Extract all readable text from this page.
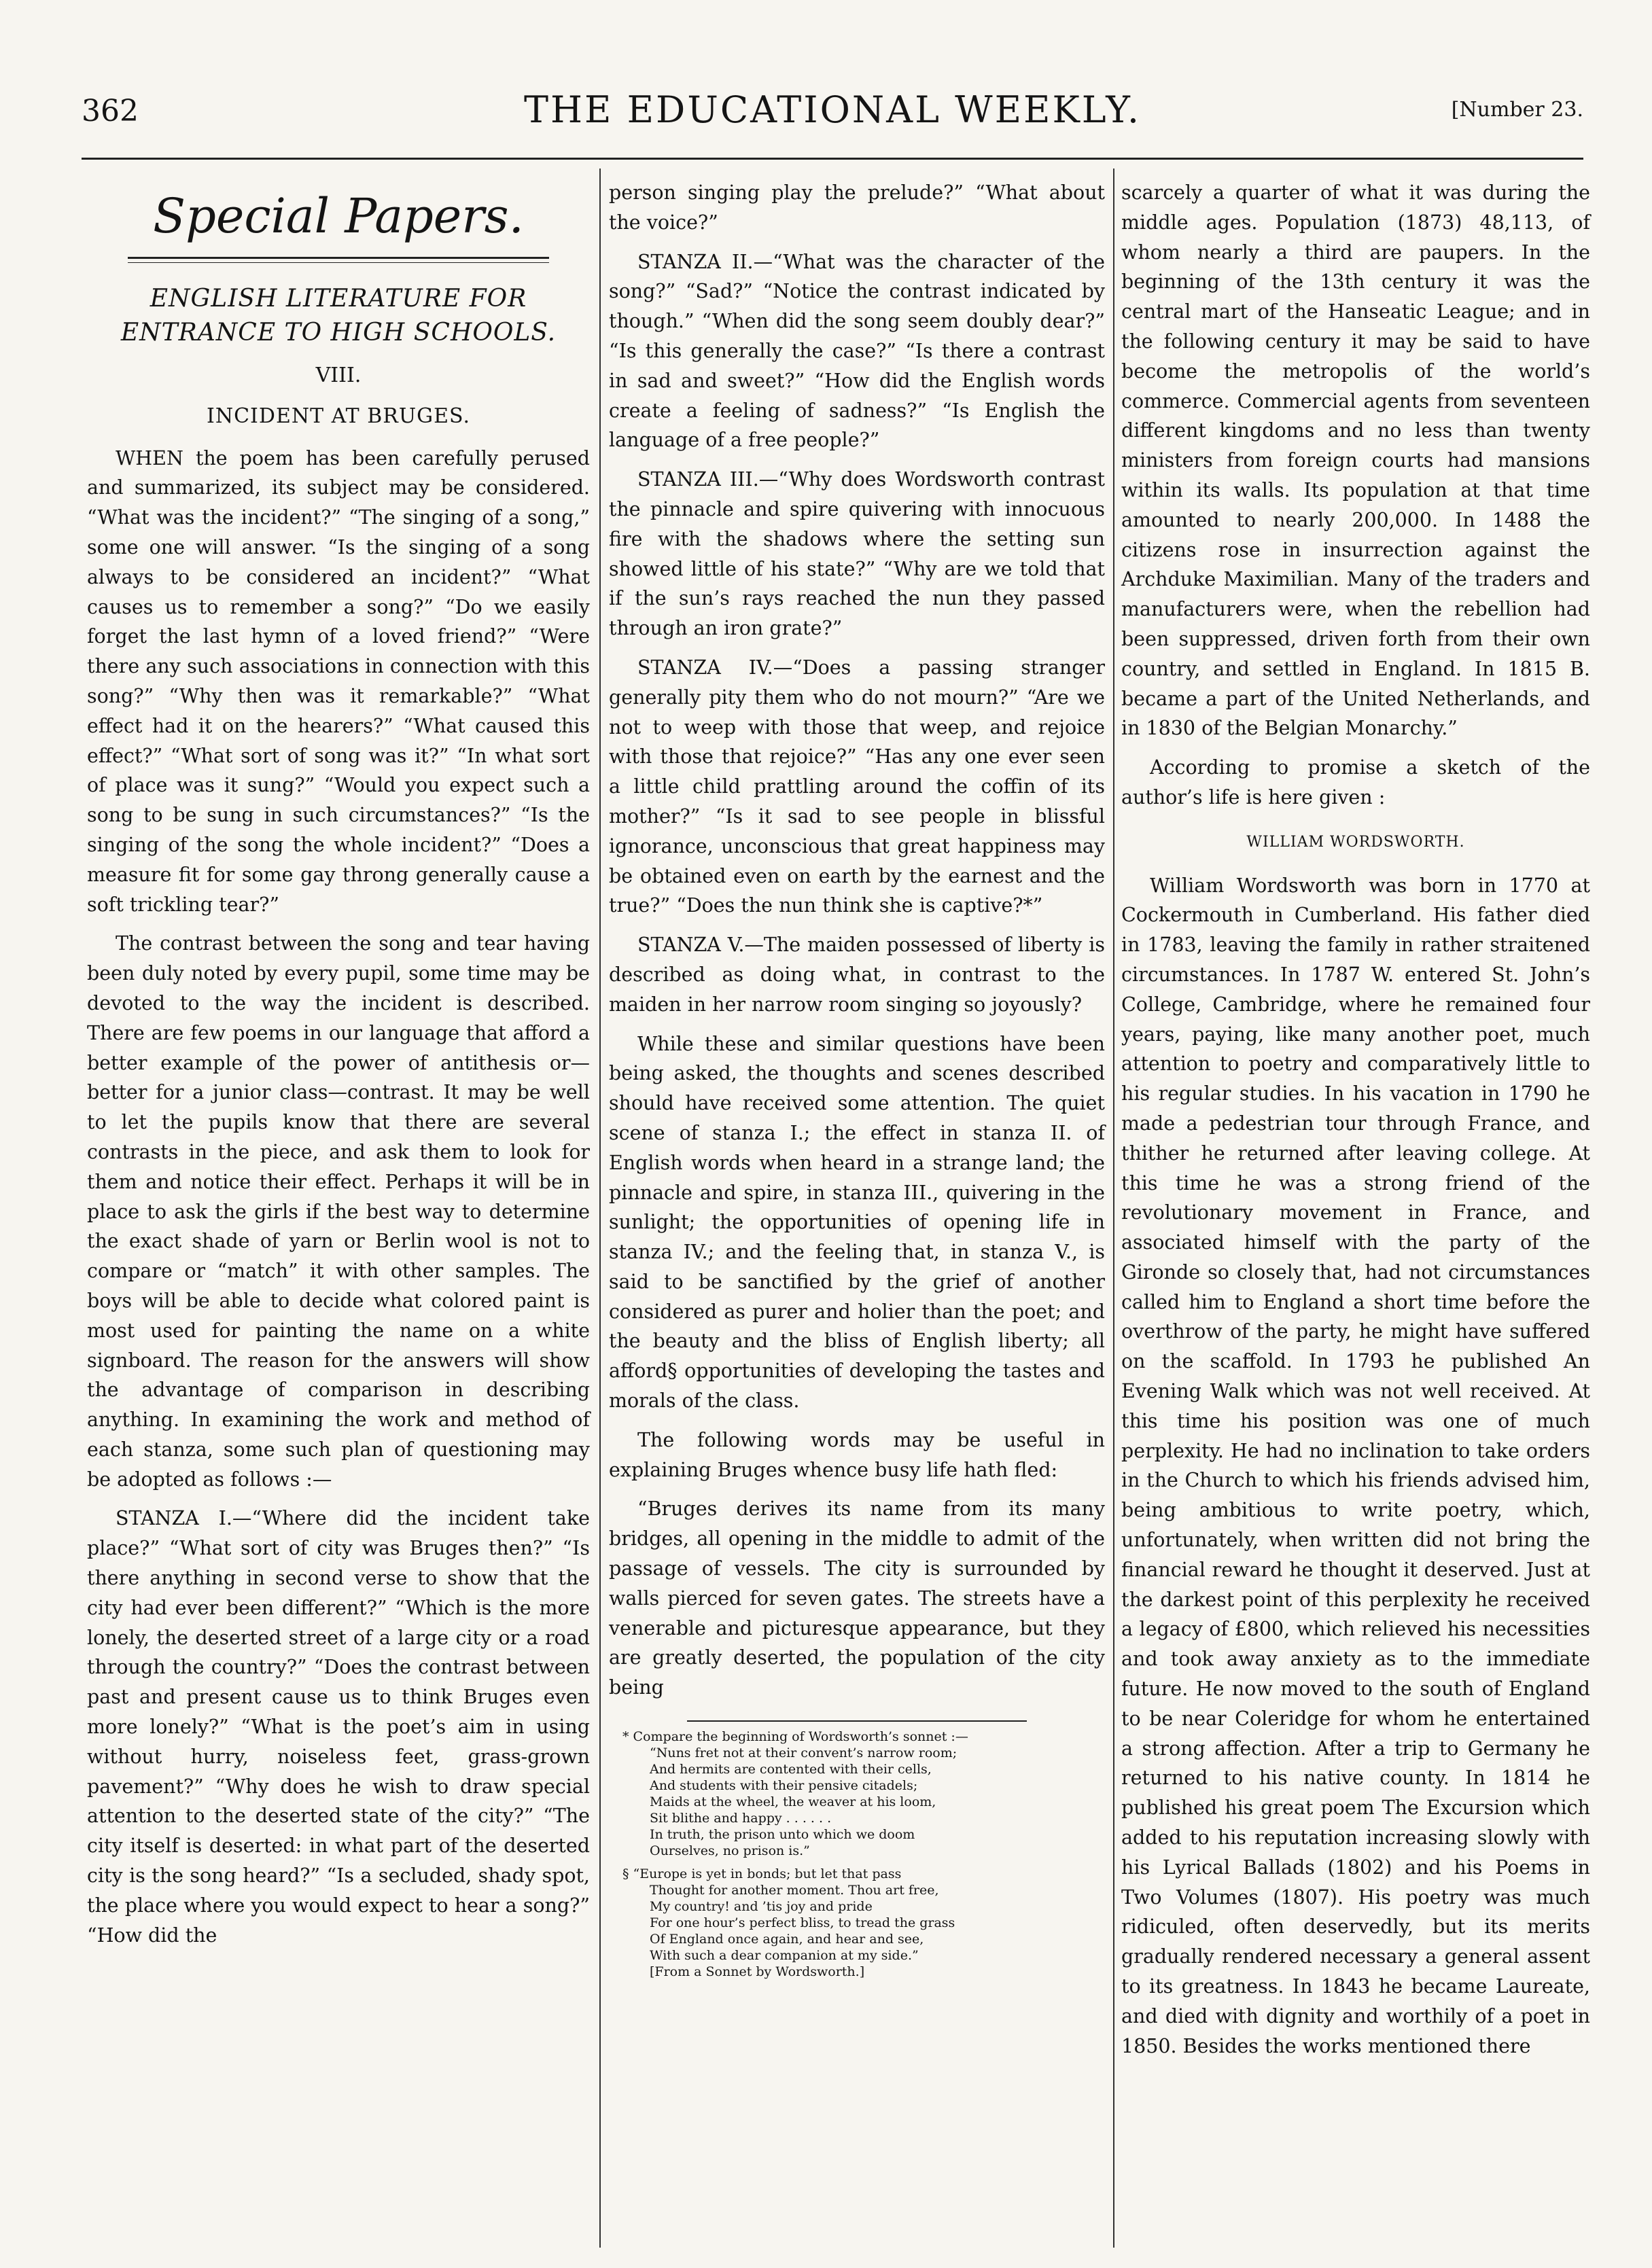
362	THE EDUCATIONAL WEEKLY.	[Number 23.
Special Papers.
ENGLISH LITERATURE FOR ENTRANCE TO HIGH SCHOOLS.
VIII.
INCIDENT AT BRUGES.

WHEN the poem has been carefully perused and summarized, its subject may be considered. “What was the incident?” “The singing of a song,” some one will answer. “Is the singing of a song always to be considered an incident?” “What causes us to remember a song?” “Do we easily forget the last hymn of a loved friend?” “Were there any such associations in connection with this song?” “Why then was it remarkable?” “What effect had it on the hearers?” “What caused this effect?” “What sort of song was it?” “In what sort of place was it sung?” “Would you expect such a song to be sung in such circumstances?” “Is the singing of the song the whole incident?” “Does a measure fit for some gay throng generally cause a soft trickling tear?”

The contrast between the song and tear having been duly noted by every pupil, some time may be devoted to the way the incident is described. There are few poems in our language that afford a better example of the power of antithesis or—better for a junior class—contrast. It may be well to let the pupils know that there are several contrasts in the piece, and ask them to look for them and notice their effect. Perhaps it will be in place to ask the girls if the best way to determine the exact shade of yarn or Berlin wool is not to compare or “match” it with other samples. The boys will be able to decide what colored paint is most used for painting the name on a white signboard. The reason for the answers will show the advantage of comparison in describing anything. In examining the work and method of each stanza, some such plan of questioning may be adopted as follows :—

STANZA I.—“Where did the incident take place?” “What sort of city was Bruges then?” “Is there anything in second verse to show that the city had ever been different?” “Which is the more lonely, the deserted street of a large city or a road through the country?” “Does the contrast between past and present cause us to think Bruges even more lonely?” “What is the poet’s aim in using without hurry, noiseless feet, grass-grown pavement?” “Why does he wish to draw special attention to the deserted state of the city?” “The city itself is deserted: in what part of the deserted city is the song heard?” “Is a secluded, shady spot, the place where you would expect to hear a song?” “How did the

person singing play the prelude?” “What about the voice?”

STANZA II.—“What was the character of the song?” “Sad?” “Notice the contrast indicated by though.” “When did the song seem doubly dear?” “Is this generally the case?” “Is there a contrast in sad and sweet?” “How did the English words create a feeling of sadness?” “Is English the language of a free people?”

STANZA III.—“Why does Wordsworth contrast the pinnacle and spire quivering with innocuous fire with the shadows where the setting sun showed little of his state?” “Why are we told that if the sun’s rays reached the nun they passed through an iron grate?”

STANZA IV.—“Does a passing stranger generally pity them who do not mourn?” “Are we not to weep with those that weep, and rejoice with those that rejoice?” “Has any one ever seen a little child prattling around the coffin of its mother?” “Is it sad to see people in blissful ignorance, unconscious that great happiness may be obtained even on earth by the earnest and the true?” “Does the nun think she is captive?*”

STANZA V.—The maiden possessed of liberty is described as doing what, in contrast to the maiden in her narrow room singing so joyously?

While these and similar questions have been being asked, the thoughts and scenes described should have received some attention. The quiet scene of stanza I.; the effect in stanza II. of English words when heard in a strange land; the pinnacle and spire, in stanza III., quivering in the sunlight; the opportunities of opening life in stanza IV.; and the feeling that, in stanza V., is said to be sanctified by the grief of another considered as purer and holier than the poet; and the beauty and the bliss of English liberty; all afford§ opportunities of developing the tastes and morals of the class.

The following words may be useful in explaining Bruges whence busy life hath fled:

“Bruges derives its name from its many bridges, all opening in the middle to admit of the passage of vessels. The city is surrounded by walls pierced for seven gates. The streets have a venerable and picturesque appearance, but they are greatly deserted, the population of the city being

* Compare the beginning of Wordsworth’s sonnet :—
“Nuns fret not at their convent’s narrow room;
And hermits are contented with their cells,
And students with their pensive citadels;
Maids at the wheel, the weaver at his loom,
Sit blithe and happy . . . . . .
In truth, the prison unto which we doom
Ourselves, no prison is.”
§ “Europe is yet in bonds; but let that pass
Thought for another moment. Thou art free,
My country! and ’tis joy and pride
For one hour’s perfect bliss, to tread the grass
Of England once again, and hear and see,
With such a dear companion at my side.”
[From a Sonnet by Wordsworth.]

scarcely a quarter of what it was during the middle ages. Population (1873) 48,113, of whom nearly a third are paupers. In the beginning of the 13th century it was the central mart of the Hanseatic League; and in the following century it may be said to have become the metropolis of the world’s commerce. Commercial agents from seventeen different kingdoms and no less than twenty ministers from foreign courts had mansions within its walls. Its population at that time amounted to nearly 200,000. In 1488 the citizens rose in insurrection against the Archduke Maximilian. Many of the traders and manufacturers were, when the rebellion had been suppressed, driven forth from their own country, and settled in England. In 1815 B. became a part of the United Netherlands, and in 1830 of the Belgian Monarchy.”

According to promise a sketch of the author’s life is here given :

WILLIAM WORDSWORTH.

William Wordsworth was born in 1770 at Cockermouth in Cumberland. His father died in 1783, leaving the family in rather straitened circumstances. In 1787 W. entered St. John’s College, Cambridge, where he remained four years, paying, like many another poet, much attention to poetry and comparatively little to his regular studies. In his vacation in 1790 he made a pedestrian tour through France, and thither he returned after leaving college. At this time he was a strong friend of the revolutionary movement in France, and associated himself with the party of the Gironde so closely that, had not circumstances called him to England a short time before the overthrow of the party, he might have suffered on the scaffold. In 1793 he published An Evening Walk which was not well received. At this time his position was one of much perplexity. He had no inclination to take orders in the Church to which his friends advised him, being ambitious to write poetry, which, unfortunately, when written did not bring the financial reward he thought it deserved. Just at the darkest point of this perplexity he received a legacy of £800, which relieved his necessities and took away anxiety as to the immediate future. He now moved to the south of England to be near Coleridge for whom he entertained a strong affection. After a trip to Germany he returned to his native county. In 1814 he published his great poem The Excursion which added to his reputation increasing slowly with his Lyrical Ballads (1802) and his Poems in Two Volumes (1807). His poetry was much ridiculed, often deservedly, but its merits gradually rendered necessary a general assent to its greatness. In 1843 he became Laureate, and died with dignity and worthily of a poet in 1850. Besides the works mentioned there
